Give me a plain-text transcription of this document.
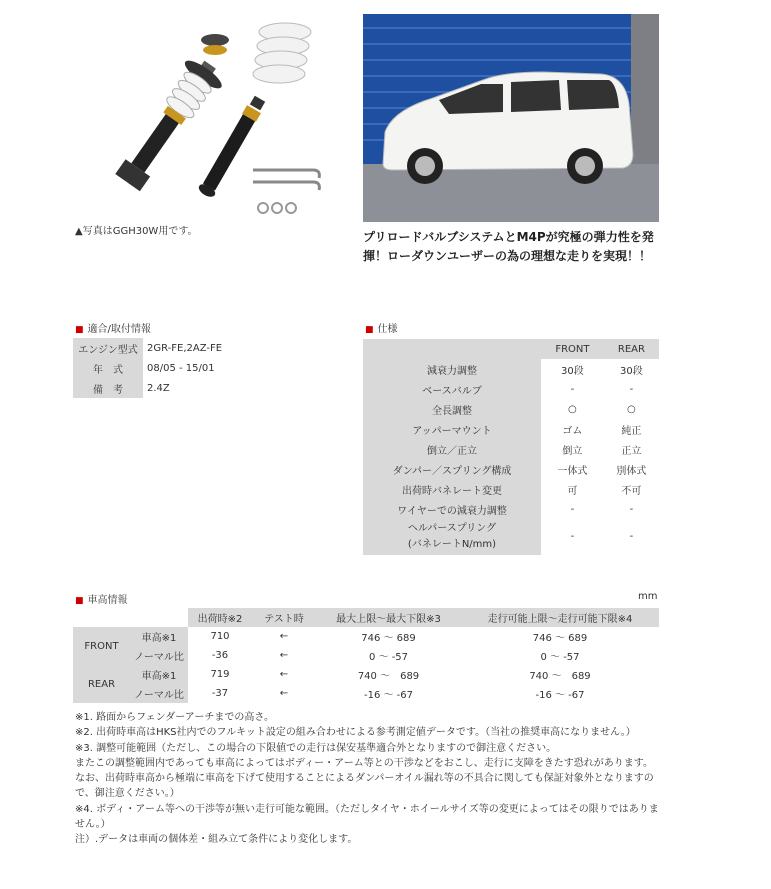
▲写真はGGH30W用です。	プリロードバルブシステムとM4Pが究極の弾力性を発揮！ローダウンユーザーの為の理想な走りを実現！！
■ 適合/取付情報
エンジン型式	2GR-FE,2AZ-FE
年　式	08/05 - 15/01
備　考	2.4Z
■ 仕様
	FRONT	REAR
減衰力調整	30段	30段
ベースバルブ	-	-
全長調整	○	○
アッパーマウント	ゴム	純正
倒立／正立	倒立	正立
ダンパー／スプリング構成	一体式	別体式
出荷時バネレート変更	可	不可
ワイヤーでの減衰力調整	-	-
ヘルパースプリング
(バネレートN/mm)	-	-
■ 車高情報	mm
		出荷時※2	テスト時	最大上限～最大下限※3	走行可能上限～走行可能下限※4
FRONT	車高※1	710	←	746 ～ 689	746 ～ 689
	ノーマル比	-36	←	0 ～ -57	0 ～ -57
REAR	車高※1	719	←	740 ～　689	740 ～　689
	ノーマル比	-37	←	-16 ～ -67	-16 ～ -67

※1. 路面からフェンダーアーチまでの高さ。

※2. 出荷時車高はHKS社内でのフルキット設定の組み合わせによる参考測定値データです。（当社の推奨車高になりません。）

※3. 調整可能範囲（ただし、この場合の下限値での走行は保安基準適合外となりますので御注意ください。

またこの調整範囲内であっても車高によってはボディー・アーム等との干渉などをおこし、走行に支障をきたす恐れがあります。

なお、出荷時車高から極端に車高を下げて使用することによるダンパーオイル漏れ等の不具合に関しても保証対象外となりますので、御注意ください。）

※4. ボディ・アーム等への干渉等が無い走行可能な範囲。（ただしタイヤ・ホイールサイズ等の変更によってはその限りではありません。）

注）.データは車両の個体差・組み立て条件により変化します。
